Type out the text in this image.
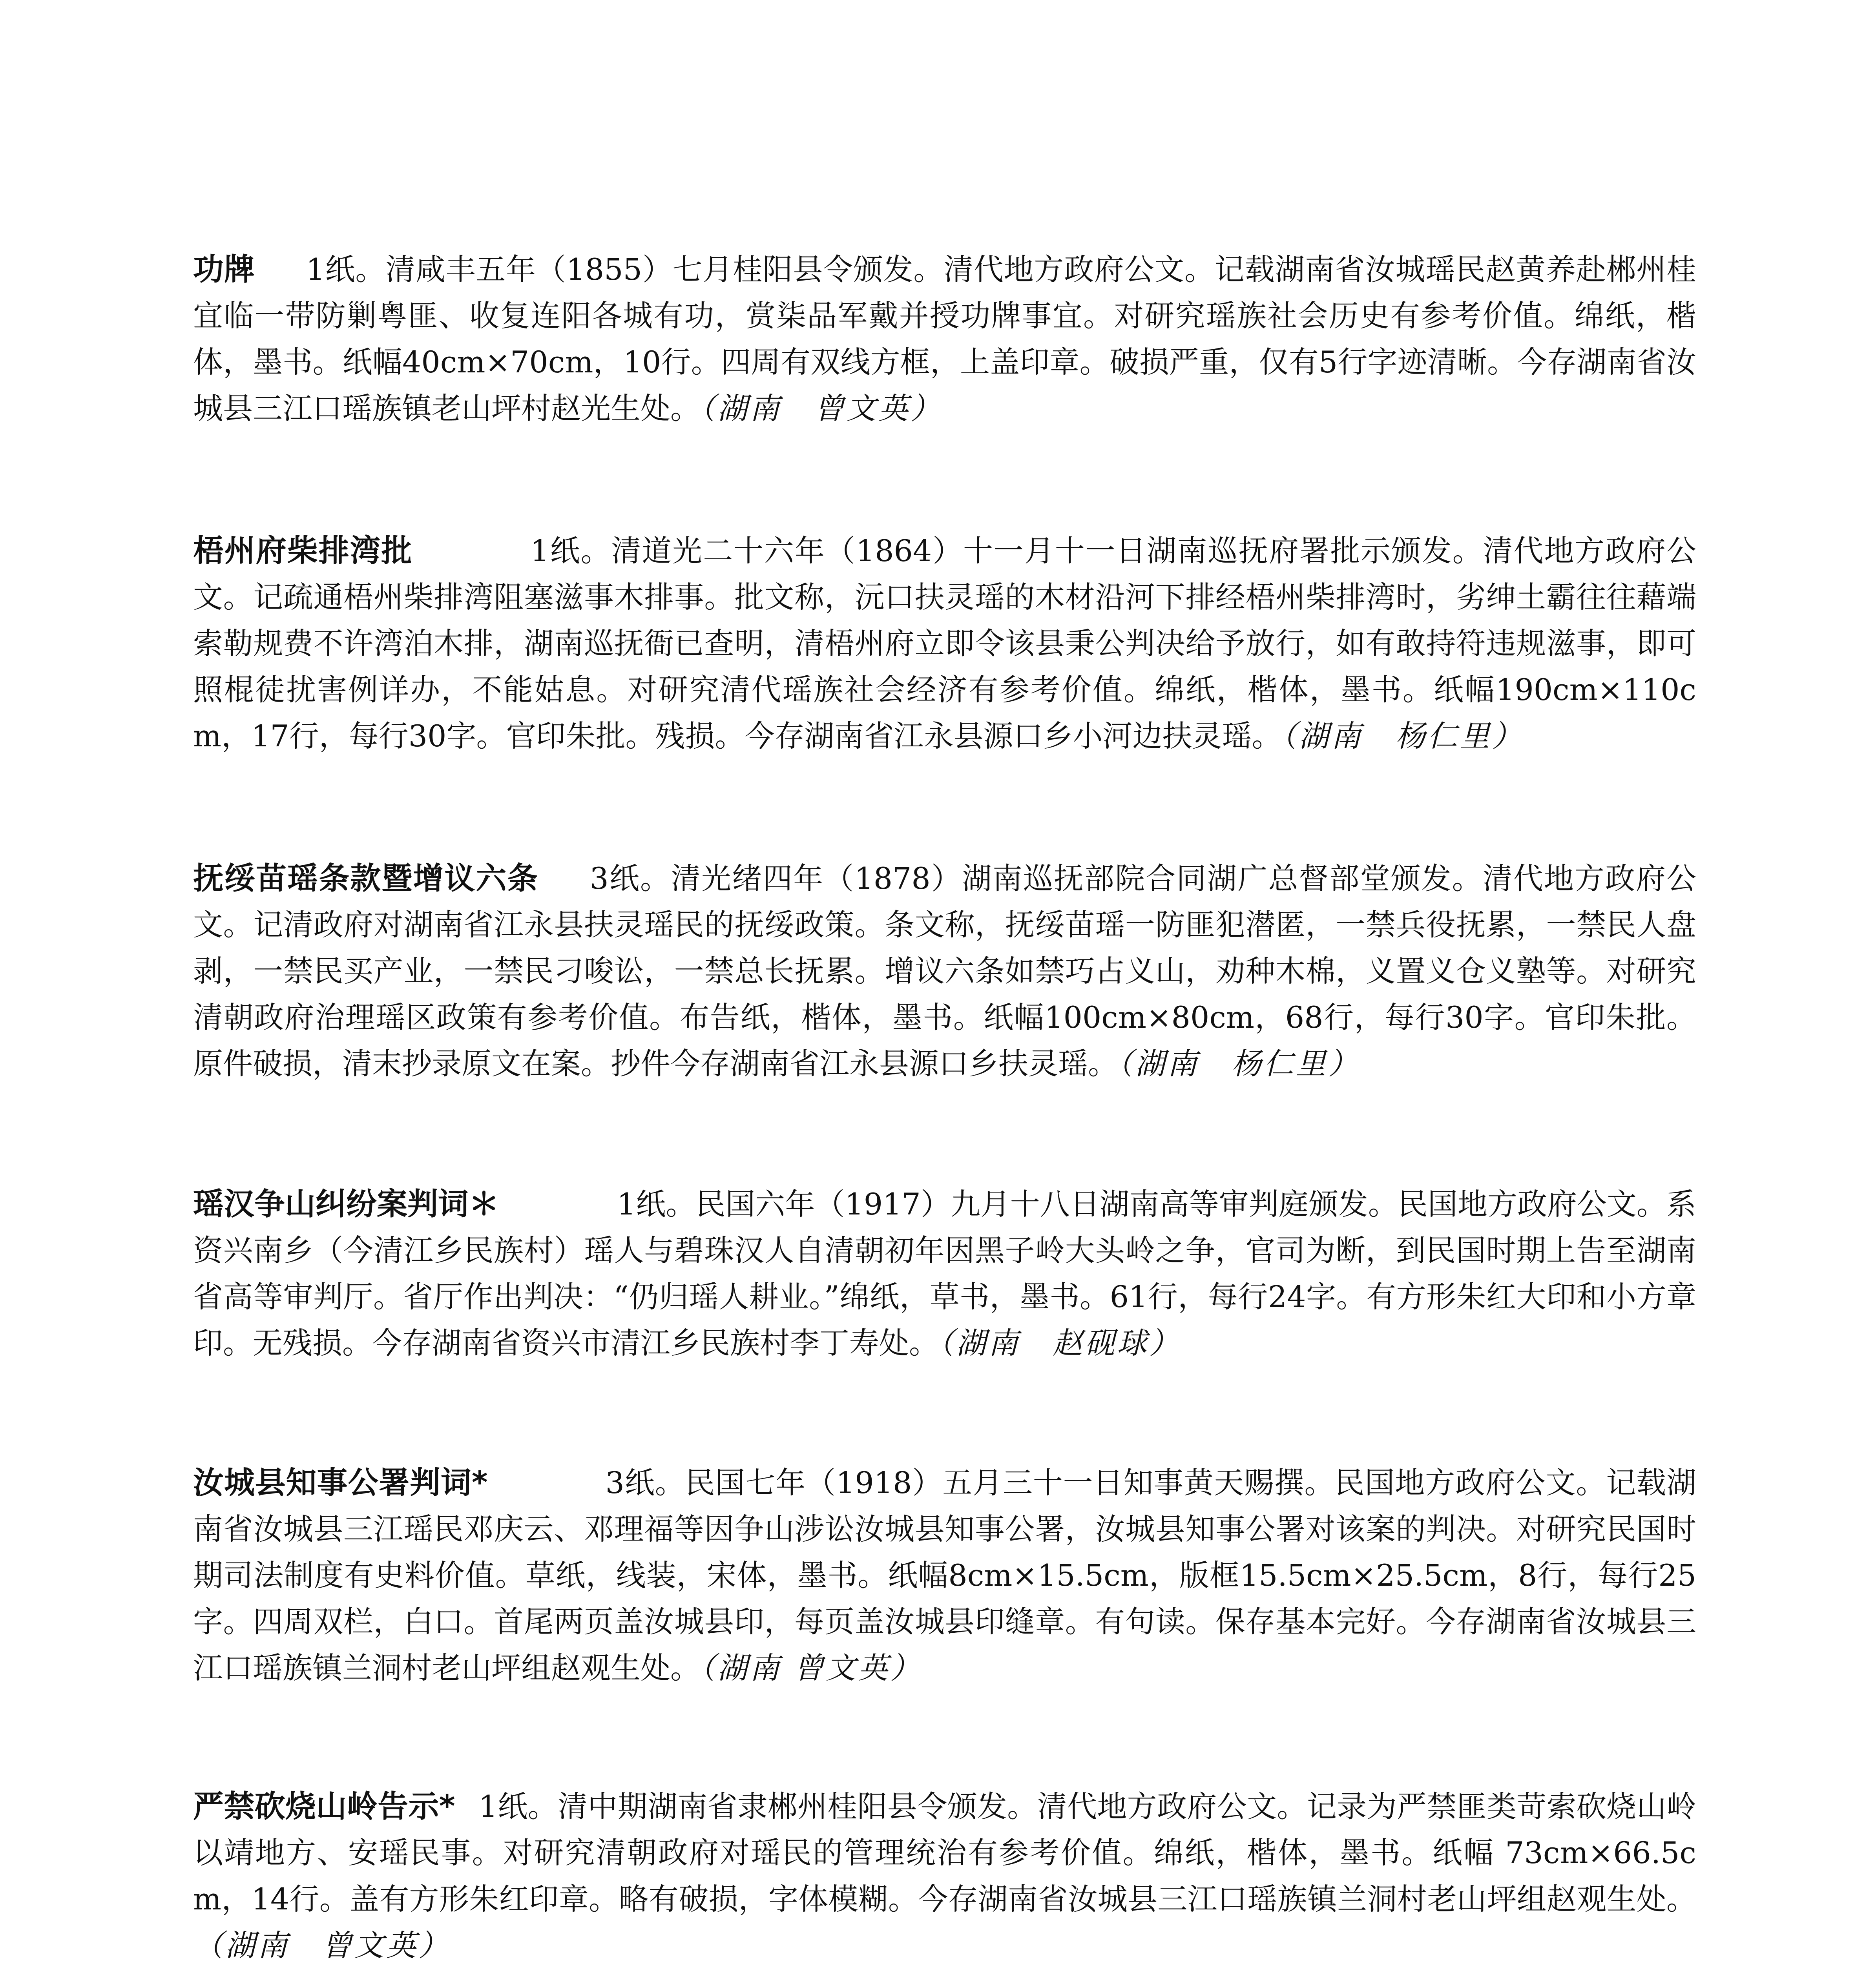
功牌 1纸。清咸丰五年（1855）七月桂阳县令颁发。清代地方政府公文。记载湖南省汝城瑶民赵黄养赴郴州桂宜临一带防剿粤匪、收复连阳各城有功，赏柒品军戴并授功牌事宜。对研究瑶族社会历史有参考价值。绵纸，楷体，墨书。纸幅40cm×70cm，10行。四周有双线方框，上盖印章。破损严重，仅有5行字迹清晰。今存湖南省汝城县三江口瑶族镇老山坪村赵光生处。（湖南　曾文英）
梧州府柴排湾批	1纸。清道光二十六年（1864）十一月十一日湖南巡抚府署批示颁发。清代地方政府公文。记疏通梧州柴排湾阻塞滋事木排事。批文称，沅口扶灵瑶的木材沿河下排经梧州柴排湾时，劣绅土霸往往藉端索勒规费不许湾泊木排，湖南巡抚衙已查明，清梧州府立即令该县秉公判决给予放行，如有敢持符违规滋事，即可照棍徒扰害例详办，不能姑息。对研究清代瑶族社会经济有参考价值。绵纸，楷体，墨书。纸幅190cm×110cm，17行，每行30字。官印朱批。残损。今存湖南省江永县源口乡小河边扶灵瑶。（湖南　杨仁里）
抚绥苗瑶条款暨增议六条 3纸。清光绪四年（1878）湖南巡抚部院合同湖广总督部堂颁发。清代地方政府公文。记清政府对湖南省江永县扶灵瑶民的抚绥政策。条文称，抚绥苗瑶一防匪犯潜匿，一禁兵役抚累，一禁民人盘剥，一禁民买产业，一禁民刁唆讼，一禁总长抚累。增议六条如禁巧占义山，劝种木棉，义置义仓义塾等。对研究清朝政府治理瑶区政策有参考价值。布告纸，楷体，墨书。纸幅100cm×80cm，68行，每行30字。官印朱批。原件破损，清末抄录原文在案。抄件今存湖南省江永县源口乡扶灵瑶。（湖南　杨仁里）
瑶汉争山纠纷案判词＊	1纸。民国六年（1917）九月十八日湖南高等审判庭颁发。民国地方政府公文。系资兴南乡（今清江乡民族村）瑶人与碧珠汉人自清朝初年因黑子岭大头岭之争，官司为断，到民国时期上告至湖南省高等审判厅。省厅作出判决：“仍归瑶人耕业。”绵纸，草书，墨书。61行，每行24字。有方形朱红大印和小方章印。无残损。今存湖南省资兴市清江乡民族村李丁寿处。（湖南　赵砚球）
汝城县知事公署判词*	3纸。民国七年（1918）五月三十一日知事黄天赐撰。民国地方政府公文。记载湖南省汝城县三江瑶民邓庆云、邓理福等因争山涉讼汝城县知事公署，汝城县知事公署对该案的判决。对研究民国时期司法制度有史料价值。草纸，线装，宋体，墨书。纸幅8cm×15.5cm，版框15.5cm×25.5cm，8行，每行25字。四周双栏，白口。首尾两页盖汝城县印，每页盖汝城县印缝章。有句读。保存基本完好。今存湖南省汝城县三江口瑶族镇兰洞村老山坪组赵观生处。（湖南 曾文英）
严禁砍烧山岭告示* 1纸。清中期湖南省隶郴州桂阳县令颁发。清代地方政府公文。记录为严禁匪类苛索砍烧山岭以靖地方、安瑶民事。对研究清朝政府对瑶民的管理统治有参考价值。绵纸，楷体，墨书。纸幅 73cm×66.5cm，14行。盖有方形朱红印章。略有破损，字体模糊。今存湖南省汝城县三江口瑶族镇兰洞村老山坪组赵观生处。（湖南　曾文英）
